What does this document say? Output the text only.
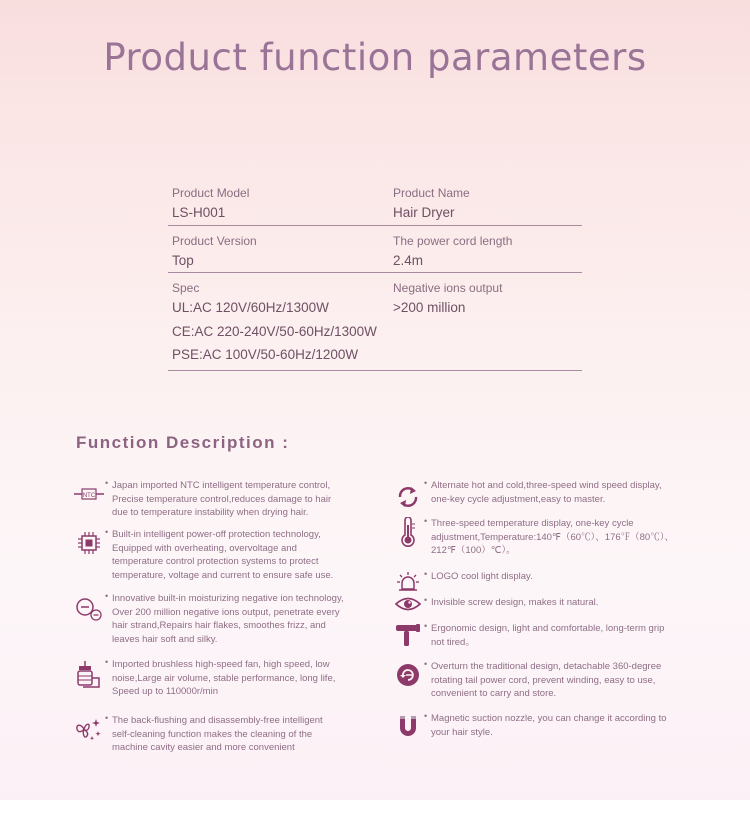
Product function parameters
Product Model
LS-H001
Product Name
Hair Dryer
Product Version
Top
The power cord length
2.4m
Spec
UL:AC 120V/60Hz/1300W
CE:AC 220-240V/50-60Hz/1300W
PSE:AC 100V/50-60Hz/1200W
Negative ions output
>200 million
Function Description :
NTC
• Japan imported NTC intelligent temperature control,
Precise temperature control,reduces damage to hair
due to temperature instability when drying hair.
• Built-in intelligent power-off protection technology,
Equipped with overheating, overvoltage and
temperature control protection systems to protect
temperature, voltage and current to ensure safe use.
• Innovative built-in moisturizing negative ion technology,
Over 200 million negative ions output, penetrate every
hair strand,Repairs hair flakes, smoothes frizz, and
leaves hair soft and silky.
• Imported brushless high-speed fan, high speed, low
noise,Large air volume, stable performance, long life,
Speed up to 110000r/min
• The back-flushing and disassembly-free intelligent
self-cleaning function makes the cleaning of the
machine cavity easier and more convenient
• Alternate hot and cold,three-speed wind speed display,
one-key cycle adjustment,easy to master.
• Three-speed temperature display, one-key cycle
adjustment,Temperature:140℉（60℃）、176℉（80℃）、
212℉（100）℃）。
• LOGO cool light display.
• Invisible screw design, makes it natural.
• Ergonomic design, light and comfortable, long-term grip
not tired。
• Overturn the traditional design, detachable 360-degree
rotating tail power cord, prevent winding, easy to use,
convenient to carry and store.
• Magnetic suction nozzle, you can change it according to
your hair style.
